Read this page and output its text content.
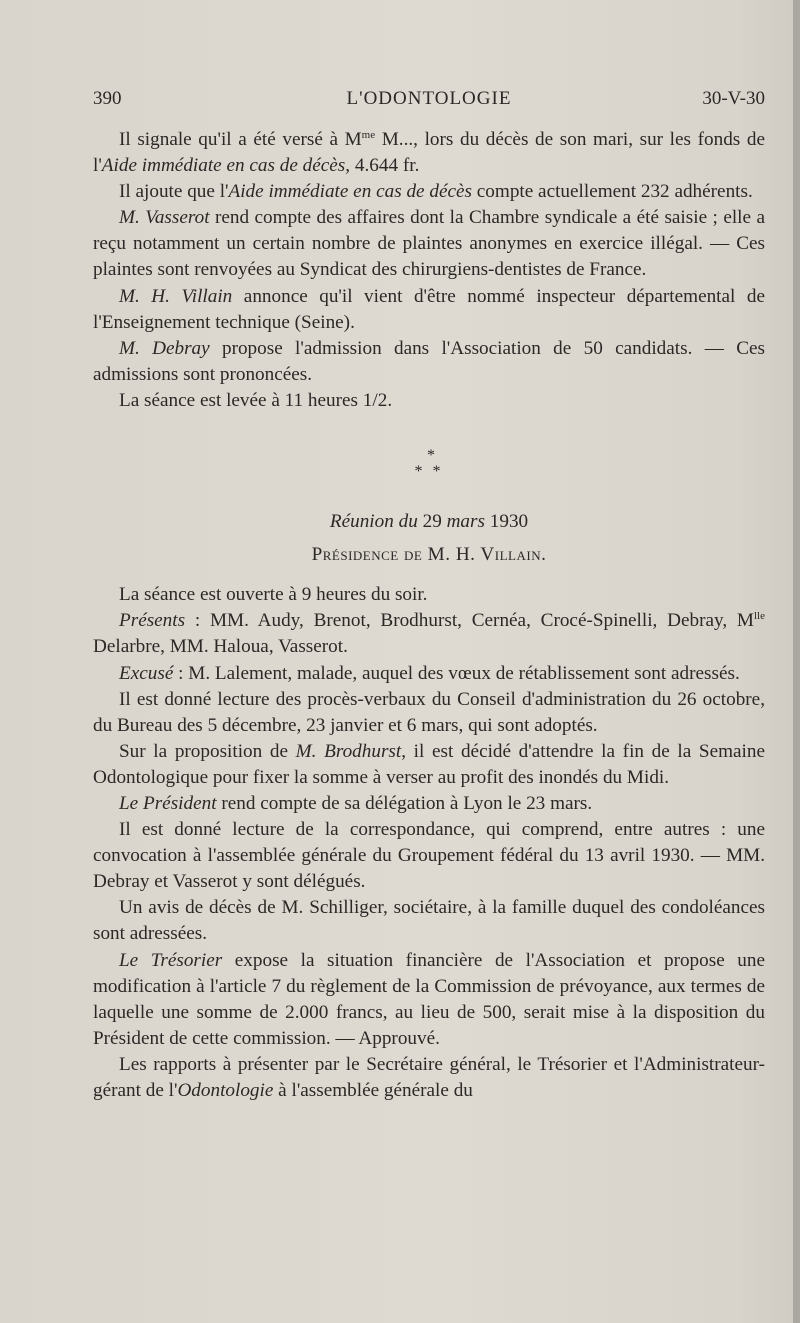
390	L'ODONTOLOGIE	30-V-30

Il signale qu'il a été versé à $M^{me}$ M..., lors du décès de son mari, sur les fonds de l'Aide immédiate en cas de décès, 4.644 fr.

Il ajoute que l'Aide immédiate en cas de décès compte actuellement 232 adhérents.

M. Vasserot rend compte des affaires dont la Chambre syndicale a été saisie ; elle a reçu notamment un certain nombre de plaintes anonymes en exercice illégal. — Ces plaintes sont renvoyées au Syndicat des chirurgiens-dentistes de France.

M. H. Villain annonce qu'il vient d'être nommé inspecteur départemental de l'Enseignement technique (Seine).

M. Debray propose l'admission dans l'Association de 50 candidats. — Ces admissions sont prononcées.

La séance est levée à 11 heures 1/2.

*
* *

Réunion du 29 mars 1930

Présidence de M. H. Villain.

La séance est ouverte à 9 heures du soir.

Présents : MM. Audy, Brenot, Brodhurst, Cernéa, Crocé-Spinelli, Debray, $M^{lle}$ Delarbre, MM. Haloua, Vasserot.

Excusé : M. Lalement, malade, auquel des vœux de rétablissement sont adressés.

Il est donné lecture des procès-verbaux du Conseil d'administration du 26 octobre, du Bureau des 5 décembre, 23 janvier et 6 mars, qui sont adoptés.

Sur la proposition de M. Brodhurst, il est décidé d'attendre la fin de la Semaine Odontologique pour fixer la somme à verser au profit des inondés du Midi.

Le Président rend compte de sa délégation à Lyon le 23 mars.

Il est donné lecture de la correspondance, qui comprend, entre autres : une convocation à l'assemblée générale du Groupement fédéral du 13 avril 1930. — MM. Debray et Vasserot y sont délégués.

Un avis de décès de M. Schilliger, sociétaire, à la famille duquel des condoléances sont adressées.

Le Trésorier expose la situation financière de l'Association et propose une modification à l'article 7 du règlement de la Commission de prévoyance, aux termes de laquelle une somme de 2.000 francs, au lieu de 500, serait mise à la disposition du Président de cette commission. — Approuvé.

Les rapports à présenter par le Secrétaire général, le Trésorier et l'Administrateur-gérant de l'Odontologie à l'assemblée générale du
